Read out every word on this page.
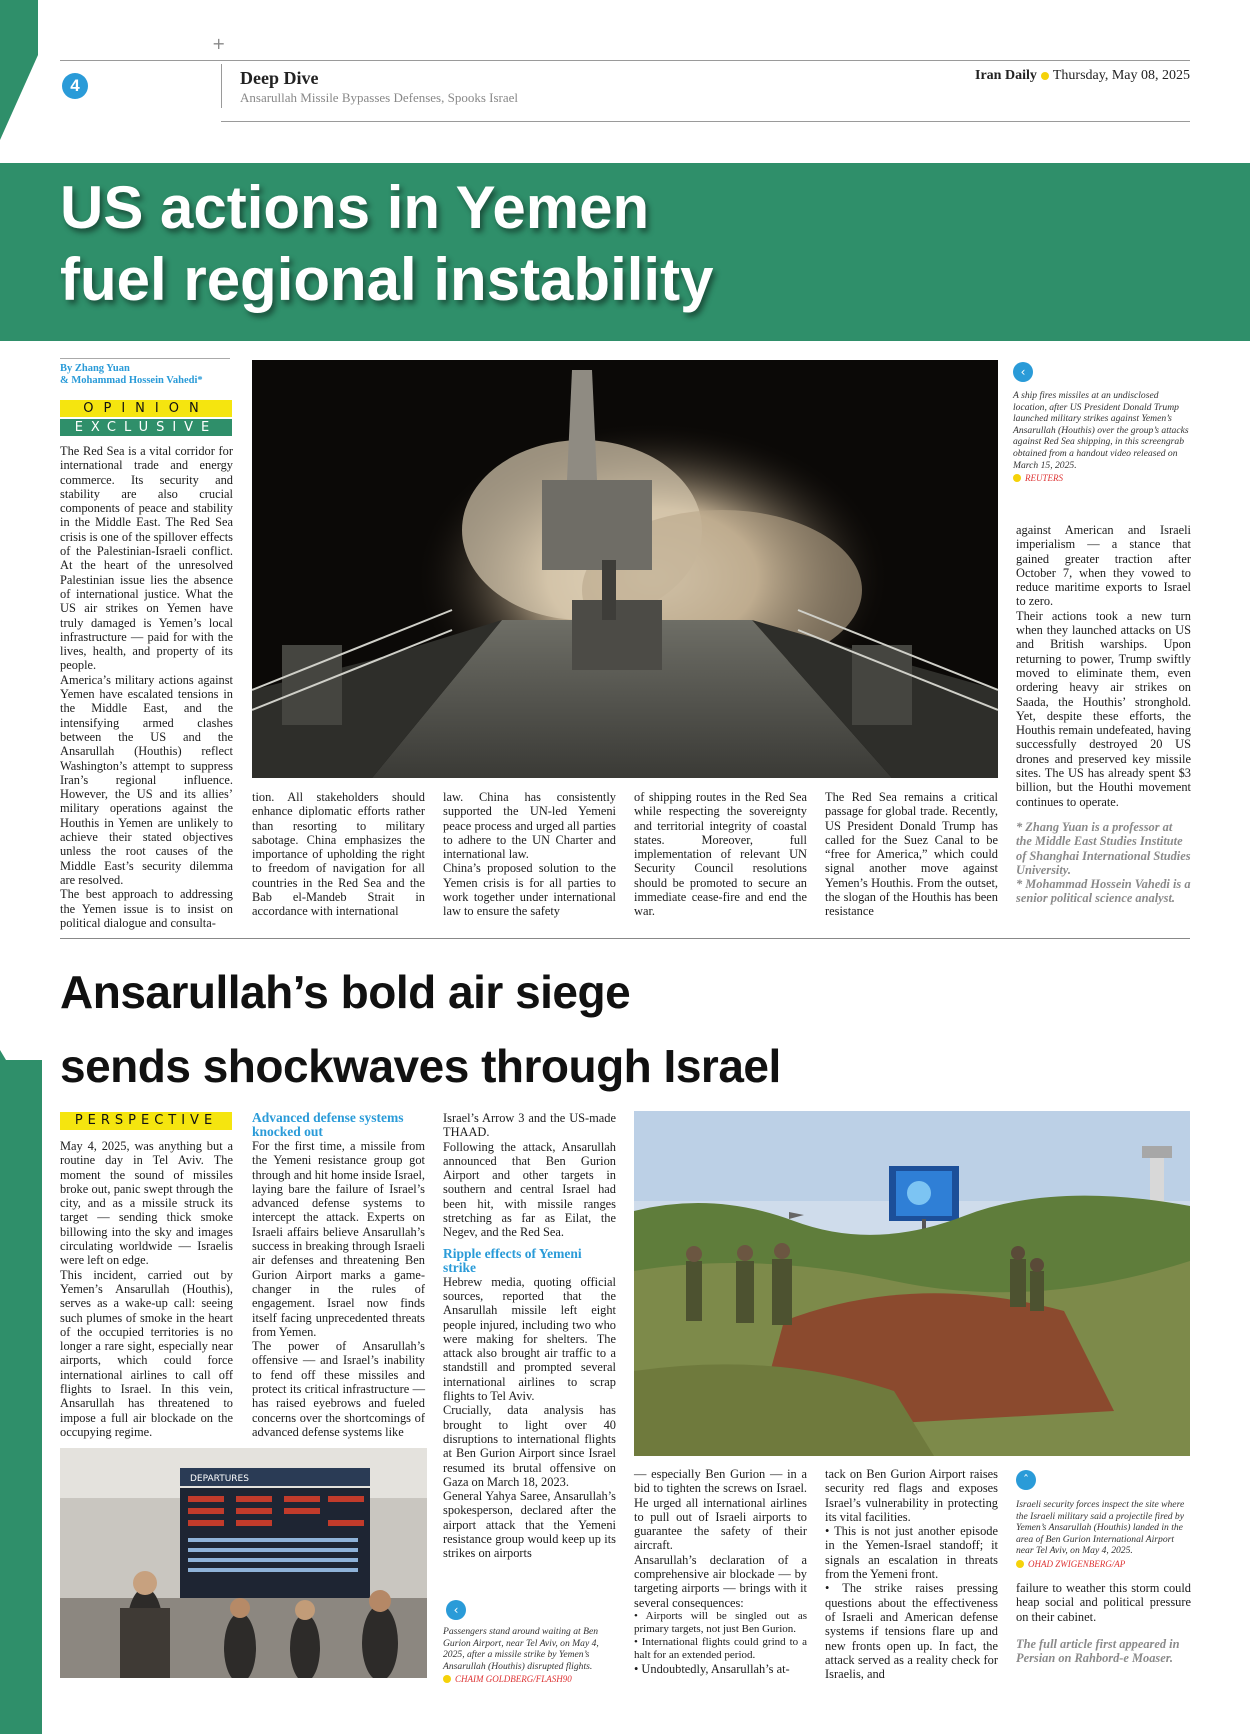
+
4	Deep Dive
Ansarullah Missile Bypasses Defenses, Spooks Israel
Iran Daily Thursday, May 08, 2025
US actions in Yemen
fuel regional instability
By Zhang Yuan
& Mohammad Hossein Vahedi*
OPINION
EXCLUSIVE
‹
A ship fires missiles at an undisclosed location, after US President Donald Trump launched military strikes against Yemen’s Ansarullah (Houthis) over the group’s attacks against Red Sea shipping, in this screengrab obtained from a handout video released on March 15, 2025.
REUTERS

The Red Sea is a vital corridor for international trade and energy commerce. Its security and stability are also crucial components of peace and stability in the Middle East. The Red Sea crisis is one of the spillover effects of the Palestinian-Israeli conflict. At the heart of the unresolved Palestinian issue lies the absence of international justice. What the US air strikes on Yemen have truly damaged is Yemen’s local infrastructure — paid for with the lives, health, and property of its people.

America’s military actions against Yemen have escalated tensions in the Middle East, and the intensifying armed clashes between the US and the Ansarullah (Houthis) reflect Washington’s attempt to suppress Iran’s regional influence. However, the US and its allies’ military operations against the Houthis in Yemen are unlikely to achieve their stated objectives unless the root causes of the Middle East’s security dilemma are resolved.

The best approach to addressing the Yemen issue is to insist on political dialogue and consulta-

tion. All stakeholders should enhance diplomatic efforts rather than resorting to military sabotage. China emphasizes the importance of upholding the right to freedom of navigation for all countries in the Red Sea and the Bab el-Mandeb Strait in accordance with international

law. China has consistently supported the UN-led Yemeni peace process and urged all parties to adhere to the UN Charter and international law.

China’s proposed solution to the Yemen crisis is for all parties to work together under international law to ensure the safety

of shipping routes in the Red Sea while respecting the sovereignty and territorial integrity of coastal states. Moreover, full implementation of relevant UN Security Council resolutions should be promoted to secure an immediate cease-fire and end the war.

The Red Sea remains a critical passage for global trade. Recently, US President Donald Trump has called for the Suez Canal to be “free for America,” which could signal another move against Yemen’s Houthis. From the outset, the slogan of the Houthis has been resistance

against American and Israeli imperialism — a stance that gained greater traction after October 7, when they vowed to reduce maritime exports to Israel to zero.

Their actions took a new turn when they launched attacks on US and British warships. Upon returning to power, Trump swiftly moved to eliminate them, even ordering heavy air strikes on Saada, the Houthis’ stronghold. Yet, despite these efforts, the Houthis remain undefeated, having successfully destroyed 20 US drones and preserved key missile sites. The US has already spent $3 billion, but the Houthi movement continues to operate.

* Zhang Yuan is a professor at the Middle East Studies Institute of Shanghai International Studies University.

* Mohammad Hossein Vahedi is a senior political science analyst.

Ansarullah’s bold air siege
sends shockwaves through Israel
PERSPECTIVE

May 4, 2025, was anything but a routine day in Tel Aviv. The moment the sound of missiles broke out, panic swept through the city, and as a missile struck its target — sending thick smoke billowing into the sky and images circulating worldwide — Israelis were left on edge.

This incident, carried out by Yemen’s Ansarullah (Houthis), serves as a wake-up call: seeing such plumes of smoke in the heart of the occupied territories is no longer a rare sight, especially near airports, which could force international airlines to call off flights to Israel. In this vein, Ansarullah has threatened to impose a full air blockade on the occupying regime.

Advanced defense systems knocked out

For the first time, a missile from the Yemeni resistance group got through and hit home inside Israel, laying bare the failure of Israel’s advanced defense systems to intercept the attack. Experts on Israeli affairs believe Ansarullah’s success in breaking through Israeli air defenses and threatening Ben Gurion Airport marks a game-changer in the rules of engagement. Israel now finds itself facing unprecedented threats from Yemen.

The power of Ansarullah’s offensive — and Israel’s inability to fend off these missiles and protect its critical infrastructure — has raised eyebrows and fueled concerns over the shortcomings of advanced defense systems like

Israel’s Arrow 3 and the US-made THAAD.

Following the attack, Ansarullah announced that Ben Gurion Airport and other targets in southern and central Israel had been hit, with missile ranges stretching as far as Eilat, the Negev, and the Red Sea.

Ripple effects of Yemeni strike

Hebrew media, quoting official sources, reported that the Ansarullah missile left eight people injured, including two who were making for shelters. The attack also brought air traffic to a standstill and prompted several international airlines to scrap flights to Tel Aviv.

Crucially, data analysis has brought to light over 40 disruptions to international flights at Ben Gurion Airport since Israel resumed its brutal offensive on Gaza on March 18, 2023.

General Yahya Saree, Ansarullah’s spokesperson, declared after the airport attack that the Yemeni resistance group would keep up its strikes on airports

— especially Ben Gurion — in a bid to tighten the screws on Israel. He urged all international airlines to pull out of Israeli airports to guarantee the safety of their aircraft.

Ansarullah’s declaration of a comprehensive air blockade — by targeting airports — brings with it several consequences:

• Airports will be singled out as primary targets, not just Ben Gurion.

• International flights could grind to a halt for an extended period.

• Undoubtedly, Ansarullah’s at-

tack on Ben Gurion Airport raises security red flags and exposes Israel’s vulnerability in protecting its vital facilities.

• This is not just another episode in the Yemen-Israel standoff; it signals an escalation in threats from the Yemeni front.

• The strike raises pressing questions about the effectiveness of Israeli and American defense systems if tensions flare up and new fronts open up. In fact, the attack served as a reality check for Israelis, and

ˆ
Israeli security forces inspect the site where the Israeli military said a projectile fired by Yemen’s Ansarullah (Houthis) landed in the area of Ben Gurion International Airport near Tel Aviv, on May 4, 2025.
OHAD ZWIGENBERG/AP

failure to weather this storm could heap social and political pressure on their cabinet.

The full article first appeared in Persian on Rahbord-e Moaser.
DEPARTURES
‹
Passengers stand around waiting at Ben Gurion Airport, near Tel Aviv, on May 4, 2025, after a missile strike by Yemen’s Ansarullah (Houthis) disrupted flights.
CHAIM GOLDBERG/FLASH90
